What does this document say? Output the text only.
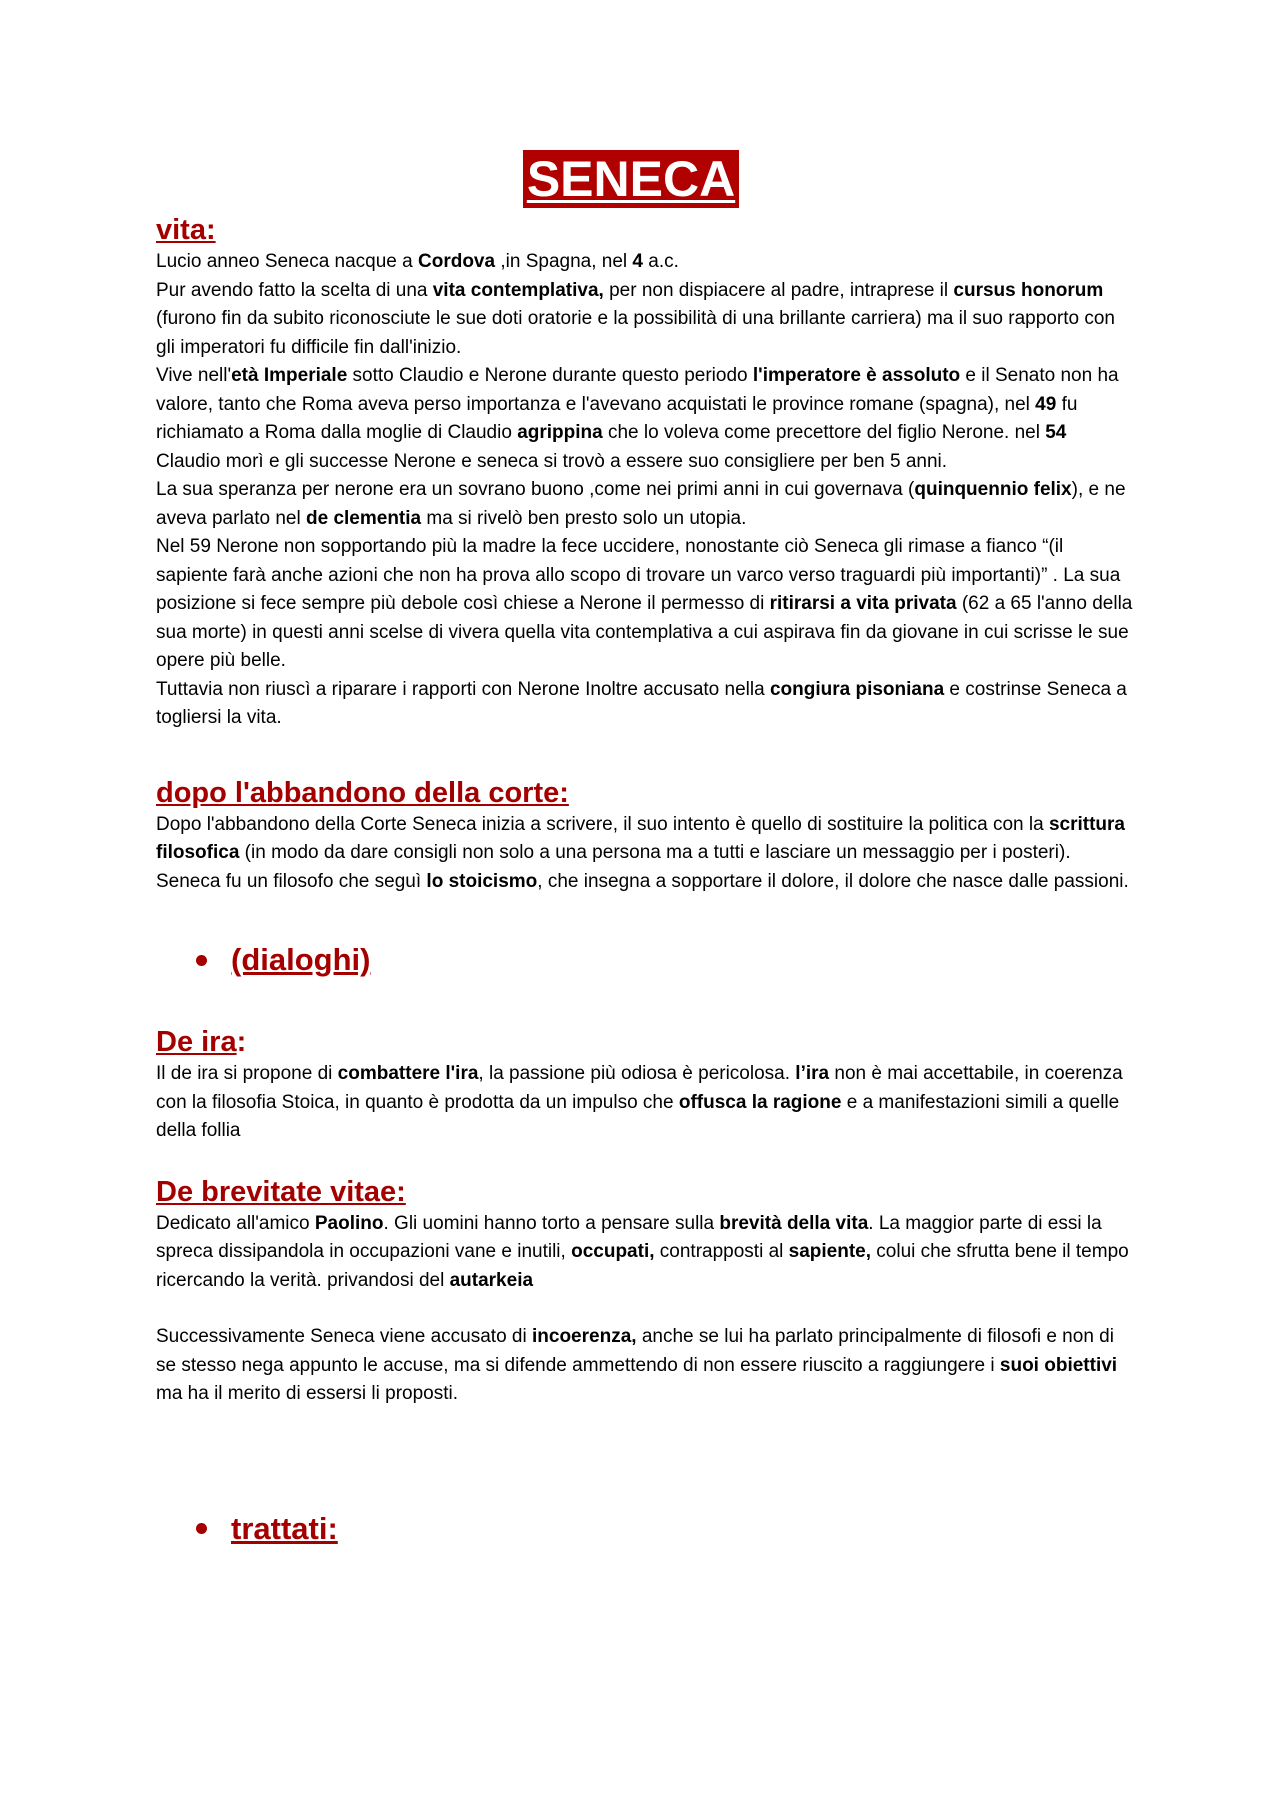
SENECA
vita:

Lucio anneo Seneca nacque a Cordova ,in Spagna, nel 4 a.c.

Pur avendo fatto la scelta di una vita contemplativa, per non dispiacere al padre, intraprese il cursus honorum (furono fin da subito riconosciute le sue doti oratorie e la possibilità di una brillante carriera) ma il suo rapporto con gli imperatori fu difficile fin dall'inizio.

Vive nell'età Imperiale sotto Claudio e Nerone durante questo periodo l'imperatore è assoluto e il Senato non ha valore, tanto che Roma aveva perso importanza e l'avevano acquistati le province romane (spagna), nel 49 fu richiamato a Roma dalla moglie di Claudio agrippina che lo voleva come precettore del figlio Nerone. nel 54 Claudio morì e gli successe Nerone e seneca si trovò a essere suo consigliere per ben 5 anni.

La sua speranza per nerone era un sovrano buono ,come nei primi anni in cui governava (quinquennio felix), e ne aveva parlato nel de clementia ma si rivelò ben presto solo un utopia.

Nel 59 Nerone non sopportando più la madre la fece uccidere, nonostante ciò Seneca gli rimase a fianco “(il sapiente farà anche azioni che non ha prova allo scopo di trovare un varco verso traguardi più importanti)” . La sua posizione si fece sempre più debole così chiese a Nerone il permesso di ritirarsi a vita privata (62 a 65 l'anno della sua morte) in questi anni scelse di vivera quella vita contemplativa a cui aspirava fin da giovane in cui scrisse le sue opere più belle.

Tuttavia non riuscì a riparare i rapporti con Nerone Inoltre accusato nella congiura pisoniana e costrinse Seneca a togliersi la vita.

dopo l'abbandono della corte:

Dopo l'abbandono della Corte Seneca inizia a scrivere, il suo intento è quello di sostituire la politica con la scrittura filosofica (in modo da dare consigli non solo a una persona ma a tutti e lasciare un messaggio per i posteri). Seneca fu un filosofo che seguì lo stoicismo, che insegna a sopportare il dolore, il dolore che nasce dalle passioni.

(dialoghi)
De ira:

Il de ira si propone di combattere l'ira, la passione più odiosa è pericolosa. l’ira non è mai accettabile, in coerenza con la filosofia Stoica, in quanto è prodotta da un impulso che offusca la ragione e a manifestazioni simili a quelle della follia

De brevitate vitae:

Dedicato all'amico Paolino. Gli uomini hanno torto a pensare sulla brevità della vita. La maggior parte di essi la spreca dissipandola in occupazioni vane e inutili, occupati, contrapposti al sapiente, colui che sfrutta bene il tempo ricercando la verità. privandosi del autarkeia

Successivamente Seneca viene accusato di incoerenza, anche se lui ha parlato principalmente di filosofi e non di se stesso nega appunto le accuse, ma si difende ammettendo di non essere riuscito a raggiungere i suoi obiettivi ma ha il merito di essersi li proposti.

trattati:
